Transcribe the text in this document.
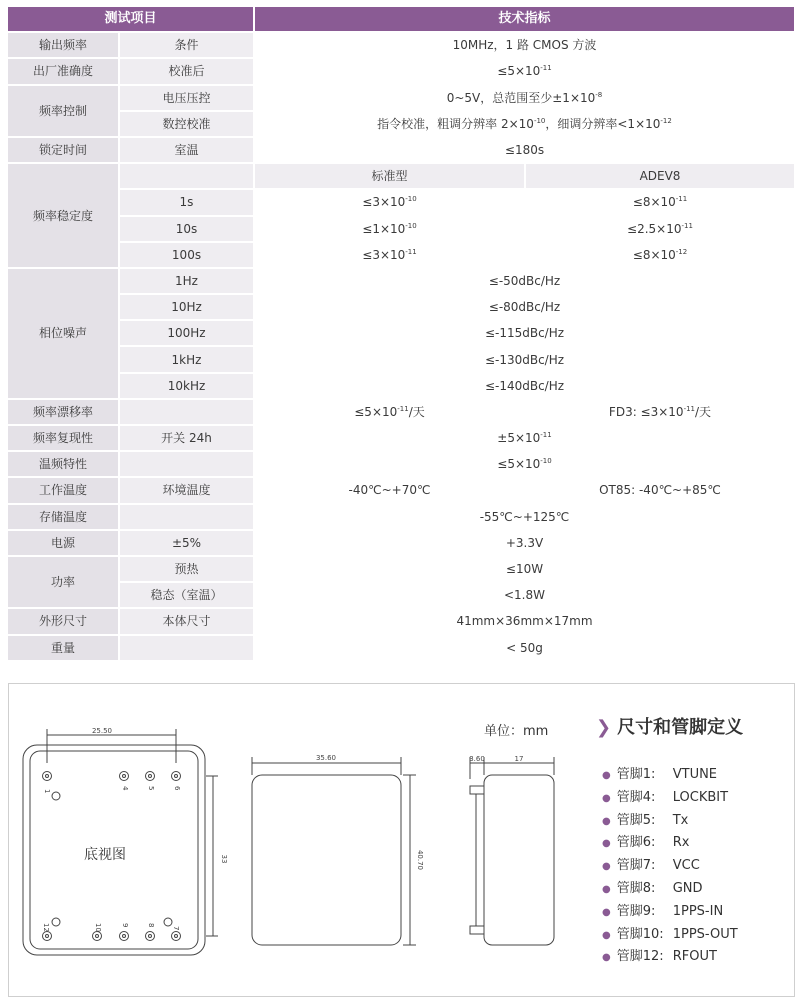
测试项目		技术指标	
输出频率	条件	10MHz，1 路 CMOS 方波	
出厂准确度	校准后	$\le 5\times 10^{-11}$
频率控制	电压压控	0~5V，总范围至少$\pm 1\times 10^{-8}$
	数控校准	指令校准，粗调分辨率 $2\times 10^{-10}$，细调分辨率$<1\times 10^{-12}$
锁定时间	室温	≤180s	
频率稳定度		标准型	ADEV8
	1s	$\le 3\times 10^{-10}$	$\le 8\times 10^{-11}$
	10s	$\le 1\times 10^{-10}$	$\le 2.5\times 10^{-11}$
	100s	$\le 3\times 10^{-11}$	$\le 8\times 10^{-12}$
相位噪声	1Hz	≤-50dBc/Hz	
	10Hz	≤-80dBc/Hz	
	100Hz	≤-115dBc/Hz	
	1kHz	≤-130dBc/Hz	
	10kHz	≤-140dBc/Hz	
频率漂移率		$\le 5\times 10^{-11}/$天	FD3: $\le 3\times 10^{-11}/$天
频率复现性	开关 24h	$\pm 5\times 10^{-11}$
温频特性		$\le 5\times 10^{-10}$
工作温度	环境温度	-40℃~+70℃	OT85: -40℃~+85℃
存储温度		-55℃~+125℃	
电源	±5%	+3.3V	
功率	预热	≤10W	
	稳态（室温）	<1.8W	
外形尺寸	本体尺寸	41mm×36mm×17mm	
重量		< 50g	
25.50
33
35.60
40.70
3.60	17
1
4	5	6
7
8
9
10
12
底视图
单位：mm	❯ 尺寸和管脚定义
● 管脚1: VTUNE
● 管脚4: LOCKBIT
● 管脚5: Tx
● 管脚6: Rx
● 管脚7: VCC
● 管脚8: GND
● 管脚9: 1PPS-IN
● 管脚10: 1PPS-OUT
● 管脚12: RFOUT
